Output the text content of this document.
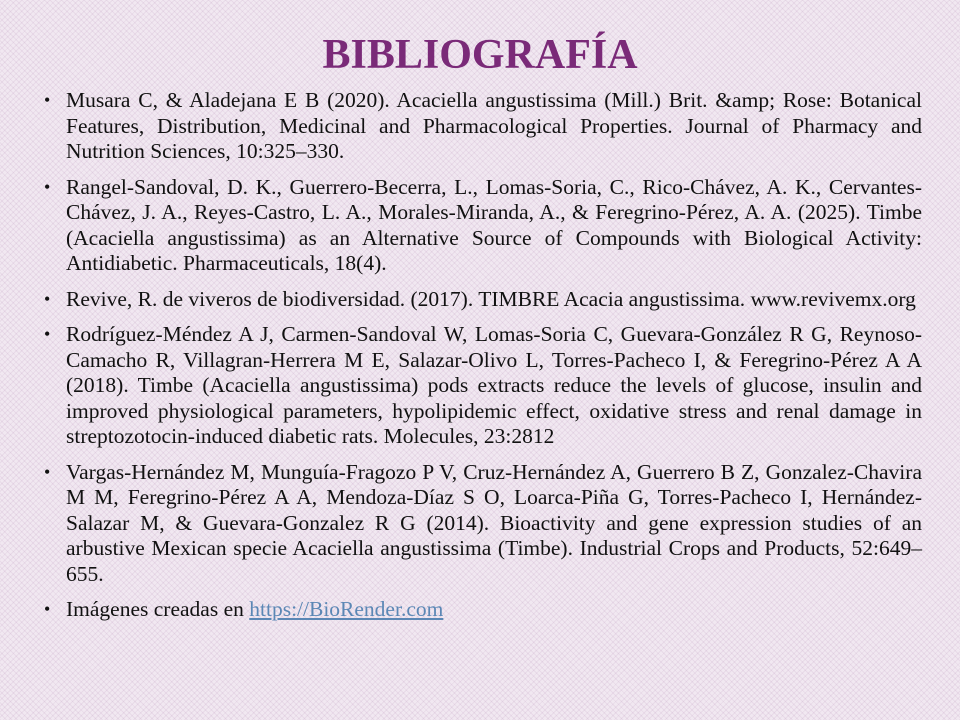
BIBLIOGRAFÍA
• Musara C, & Aladejana E B (2020). Acaciella angustissima (Mill.) Brit. &amp; Rose: Botanical Features, Distribution, Medicinal and Pharmacological Properties. Journal of Pharmacy and Nutrition Sciences, 10:325–330.
• Rangel-Sandoval, D. K., Guerrero-Becerra, L., Lomas-Soria, C., Rico-Chávez, A. K., Cervantes-Chávez, J. A., Reyes-Castro, L. A., Morales-Miranda, A., & Feregrino-Pérez, A. A. (2025). Timbe (Acaciella angustissima) as an Alternative Source of Compounds with Biological Activity: Antidiabetic. Pharmaceuticals, 18(4).
• Revive, R. de viveros de biodiversidad. (2017). TIMBRE Acacia angustissima. www.revivemx.org
• Rodríguez-Méndez A J, Carmen-Sandoval W, Lomas-Soria C, Guevara-González R G, Reynoso-Camacho R, Villagran-Herrera M E, Salazar-Olivo L, Torres-Pacheco I, & Feregrino-Pérez A A (2018). Timbe (Acaciella angustissima) pods extracts reduce the levels of glucose, insulin and improved physiological parameters, hypolipidemic effect, oxidative stress and renal damage in streptozotocin-induced diabetic rats. Molecules, 23:2812
• Vargas-Hernández M, Munguía-Fragozo P V, Cruz-Hernández A, Guerrero B Z, Gonzalez-Chavira M M, Feregrino-Pérez A A, Mendoza-Díaz S O, Loarca-Piña G, Torres-Pacheco I, Hernández-Salazar M, & Guevara-Gonzalez R G (2014). Bioactivity and gene expression studies of an arbustive Mexican specie Acaciella angustissima (Timbe). Industrial Crops and Products, 52:649–655.
• Imágenes creadas en https://BioRender.com
